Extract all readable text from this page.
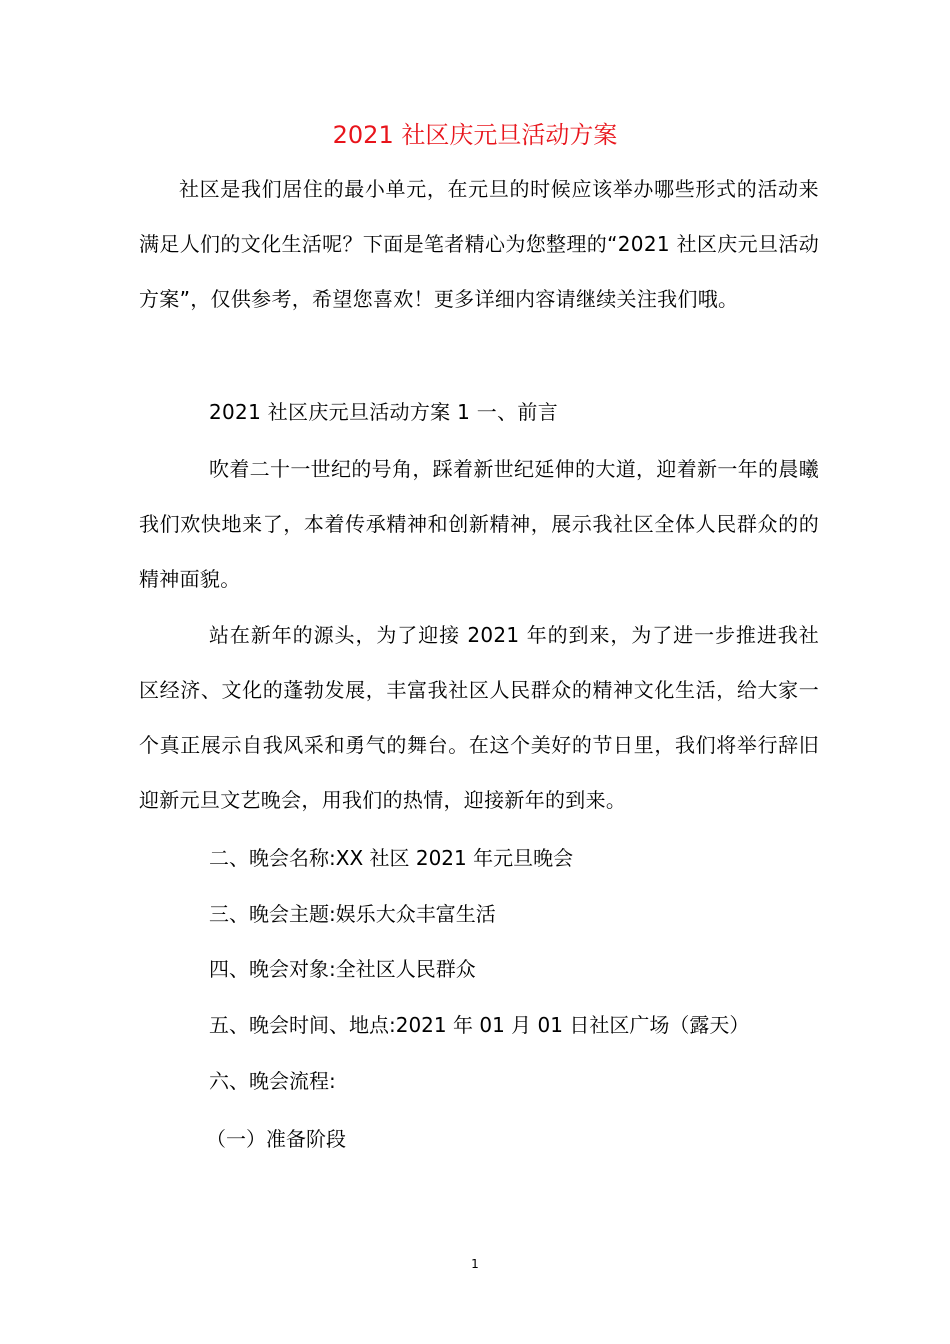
2021 社区庆元旦活动方案

社区是我们居住的最小单元，在元旦的时候应该举办哪些形式的活动来满足人们的文化生活呢？下面是笔者精心为您整理的“2021 社区庆元旦活动方案”，仅供参考，希望您喜欢！更多详细内容请继续关注我们哦。

2021 社区庆元旦活动方案 1 一、前言

吹着二十一世纪的号角，踩着新世纪延伸的大道，迎着新一年的晨曦我们欢快地来了，本着传承精神和创新精神，展示我社区全体人民群众的的精神面貌。

站在新年的源头，为了迎接 2021 年的到来，为了进一步推进我社区经济、文化的蓬勃发展，丰富我社区人民群众的精神文化生活，给大家一个真正展示自我风采和勇气的舞台。在这个美好的节日里，我们将举行辞旧迎新元旦文艺晚会，用我们的热情，迎接新年的到来。

二、晚会名称:XX 社区 2021 年元旦晚会

三、晚会主题:娱乐大众丰富生活

四、晚会对象:全社区人民群众

五、晚会时间、地点:2021 年 01 月 01 日社区广场（露天）

六、晚会流程:

（一）准备阶段

1
